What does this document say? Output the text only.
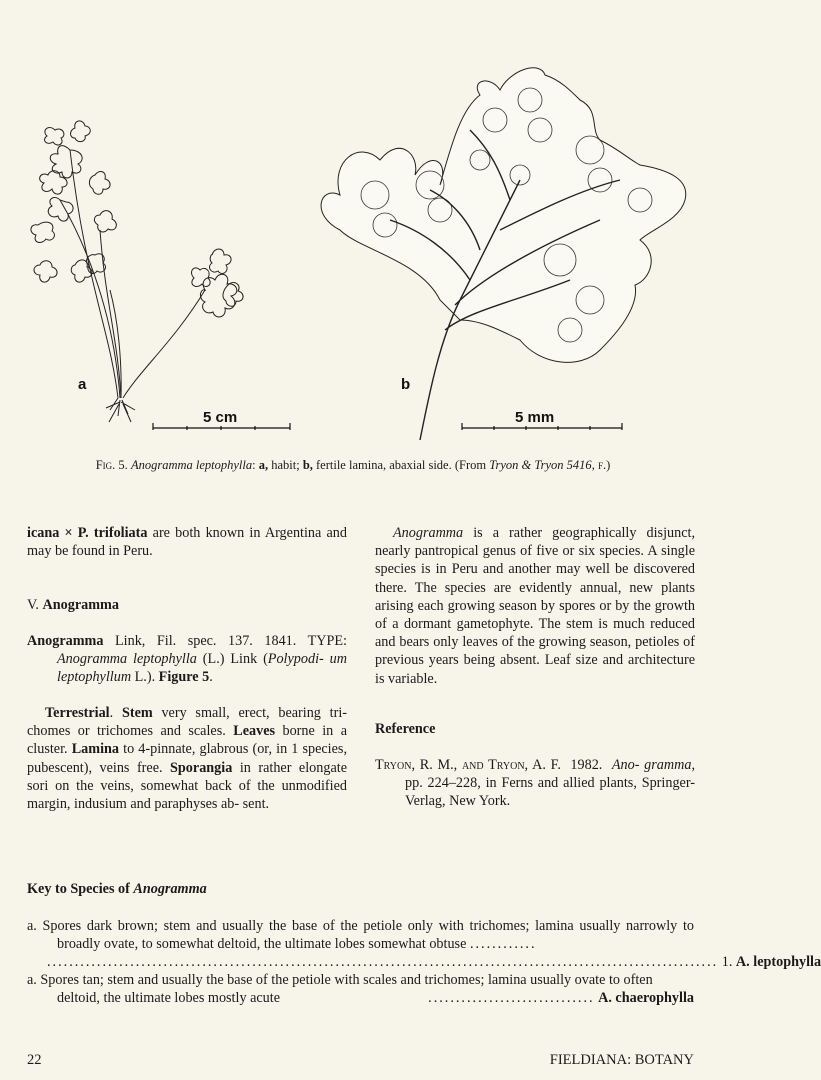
a
5 cm
b
5 mm
Fig. 5. Anogramma leptophylla: a, habit; b, fertile lamina, abaxial side. (From Tryon & Tryon 5416, f.)

icana × P. trifoliata are both known in Argentina and may be found in Peru.

V. Anogramma

Anogramma Link, Fil. spec. 137. 1841. TYPE: Anogramma leptophylla (L.) Link (Polypodi- um leptophyllum L.). Figure 5.

Terrestrial. Stem very small, erect, bearing tri- chomes or trichomes and scales. Leaves borne in a cluster. Lamina to 4-pinnate, glabrous (or, in 1 species, pubescent), veins free. Sporangia in rather elongate sori on the veins, somewhat back of the unmodified margin, indusium and paraphyses ab- sent.

Anogramma is a rather geographically disjunct, nearly pantropical genus of five or six species. A single species is in Peru and another may well be discovered there. The species are evidently annual, new plants arising each growing season by spores or by the growth of a dormant gametophyte. The stem is much reduced and bears only leaves of the growing season, petioles of previous years being absent. Leaf size and architecture is variable.

Reference

Tryon, R. M., and Tryon, A. F.  1982.  Ano- gramma, pp. 224–228, in Ferns and allied plants, Springer-Verlag, New York.

Key to Species of Anogramma

a. Spores dark brown; stem and usually the base of the petiole only with trichomes; lamina usually narrowly to broadly ovate, to somewhat deltoid, the ultimate lobes somewhat obtuse ............

......................................................................................................................... 1. A. leptophylla

a. Spores tan; stem and usually the base of the petiole with scales and trichomes; lamina usually ovate to often deltoid, the ultimate lobes mostly acute	.............................. A. chaerophylla
22	FIELDIANA: BOTANY
